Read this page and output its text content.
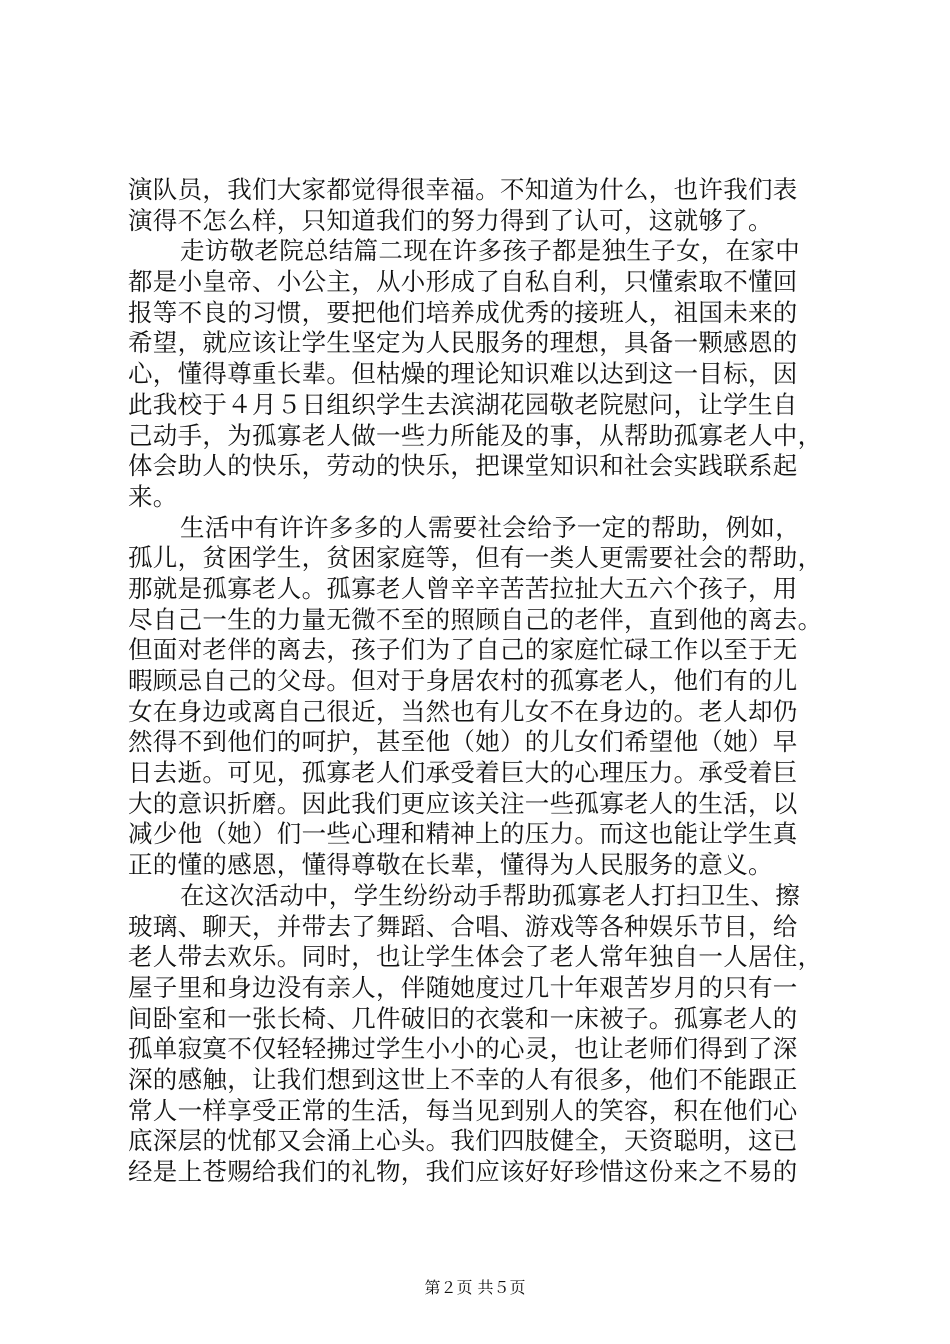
演队员，我们大家都觉得很幸福。不知道为什么，也许我们表
演得不怎么样，只知道我们的努力得到了认可，这就够了。
走访敬老院总结篇二现在许多孩子都是独生子女，在家中
都是小皇帝、小公主，从小形成了自私自利，只懂索取不懂回
报等不良的习惯，要把他们培养成优秀的接班人，祖国未来的
希望，就应该让学生坚定为人民服务的理想，具备一颗感恩的
心，懂得尊重长辈。但枯燥的理论知识难以达到这一目标，因
此我校于４月５日组织学生去滨湖花园敬老院慰问，让学生自
己动手，为孤寡老人做一些力所能及的事，从帮助孤寡老人中，
体会助人的快乐，劳动的快乐，把课堂知识和社会实践联系起
来。
生活中有许许多多的人需要社会给予一定的帮助，例如，
孤儿，贫困学生，贫困家庭等，但有一类人更需要社会的帮助，
那就是孤寡老人。孤寡老人曾辛辛苦苦拉扯大五六个孩子，用
尽自己一生的力量无微不至的照顾自己的老伴，直到他的离去。
但面对老伴的离去，孩子们为了自己的家庭忙碌工作以至于无
暇顾忌自己的父母。但对于身居农村的孤寡老人，他们有的儿
女在身边或离自己很近，当然也有儿女不在身边的。老人却仍
然得不到他们的呵护，甚至他（她）的儿女们希望他（她）早
日去逝。可见，孤寡老人们承受着巨大的心理压力。承受着巨
大的意识折磨。因此我们更应该关注一些孤寡老人的生活，以
减少他（她）们一些心理和精神上的压力。而这也能让学生真
正的懂的感恩，懂得尊敬在长辈，懂得为人民服务的意义。
在这次活动中，学生纷纷动手帮助孤寡老人打扫卫生、擦
玻璃、聊天，并带去了舞蹈、合唱、游戏等各种娱乐节目，给
老人带去欢乐。同时，也让学生体会了老人常年独自一人居住，
屋子里和身边没有亲人，伴随她度过几十年艰苦岁月的只有一
间卧室和一张长椅、几件破旧的衣裳和一床被子。孤寡老人的
孤单寂寞不仅轻轻拂过学生小小的心灵，也让老师们得到了深
深的感触，让我们想到这世上不幸的人有很多，他们不能跟正
常人一样享受正常的生活，每当见到别人的笑容，积在他们心
底深层的忧郁又会涌上心头。我们四肢健全，天资聪明，这已
经是上苍赐给我们的礼物，我们应该好好珍惜这份来之不易的
第２页 共５页
